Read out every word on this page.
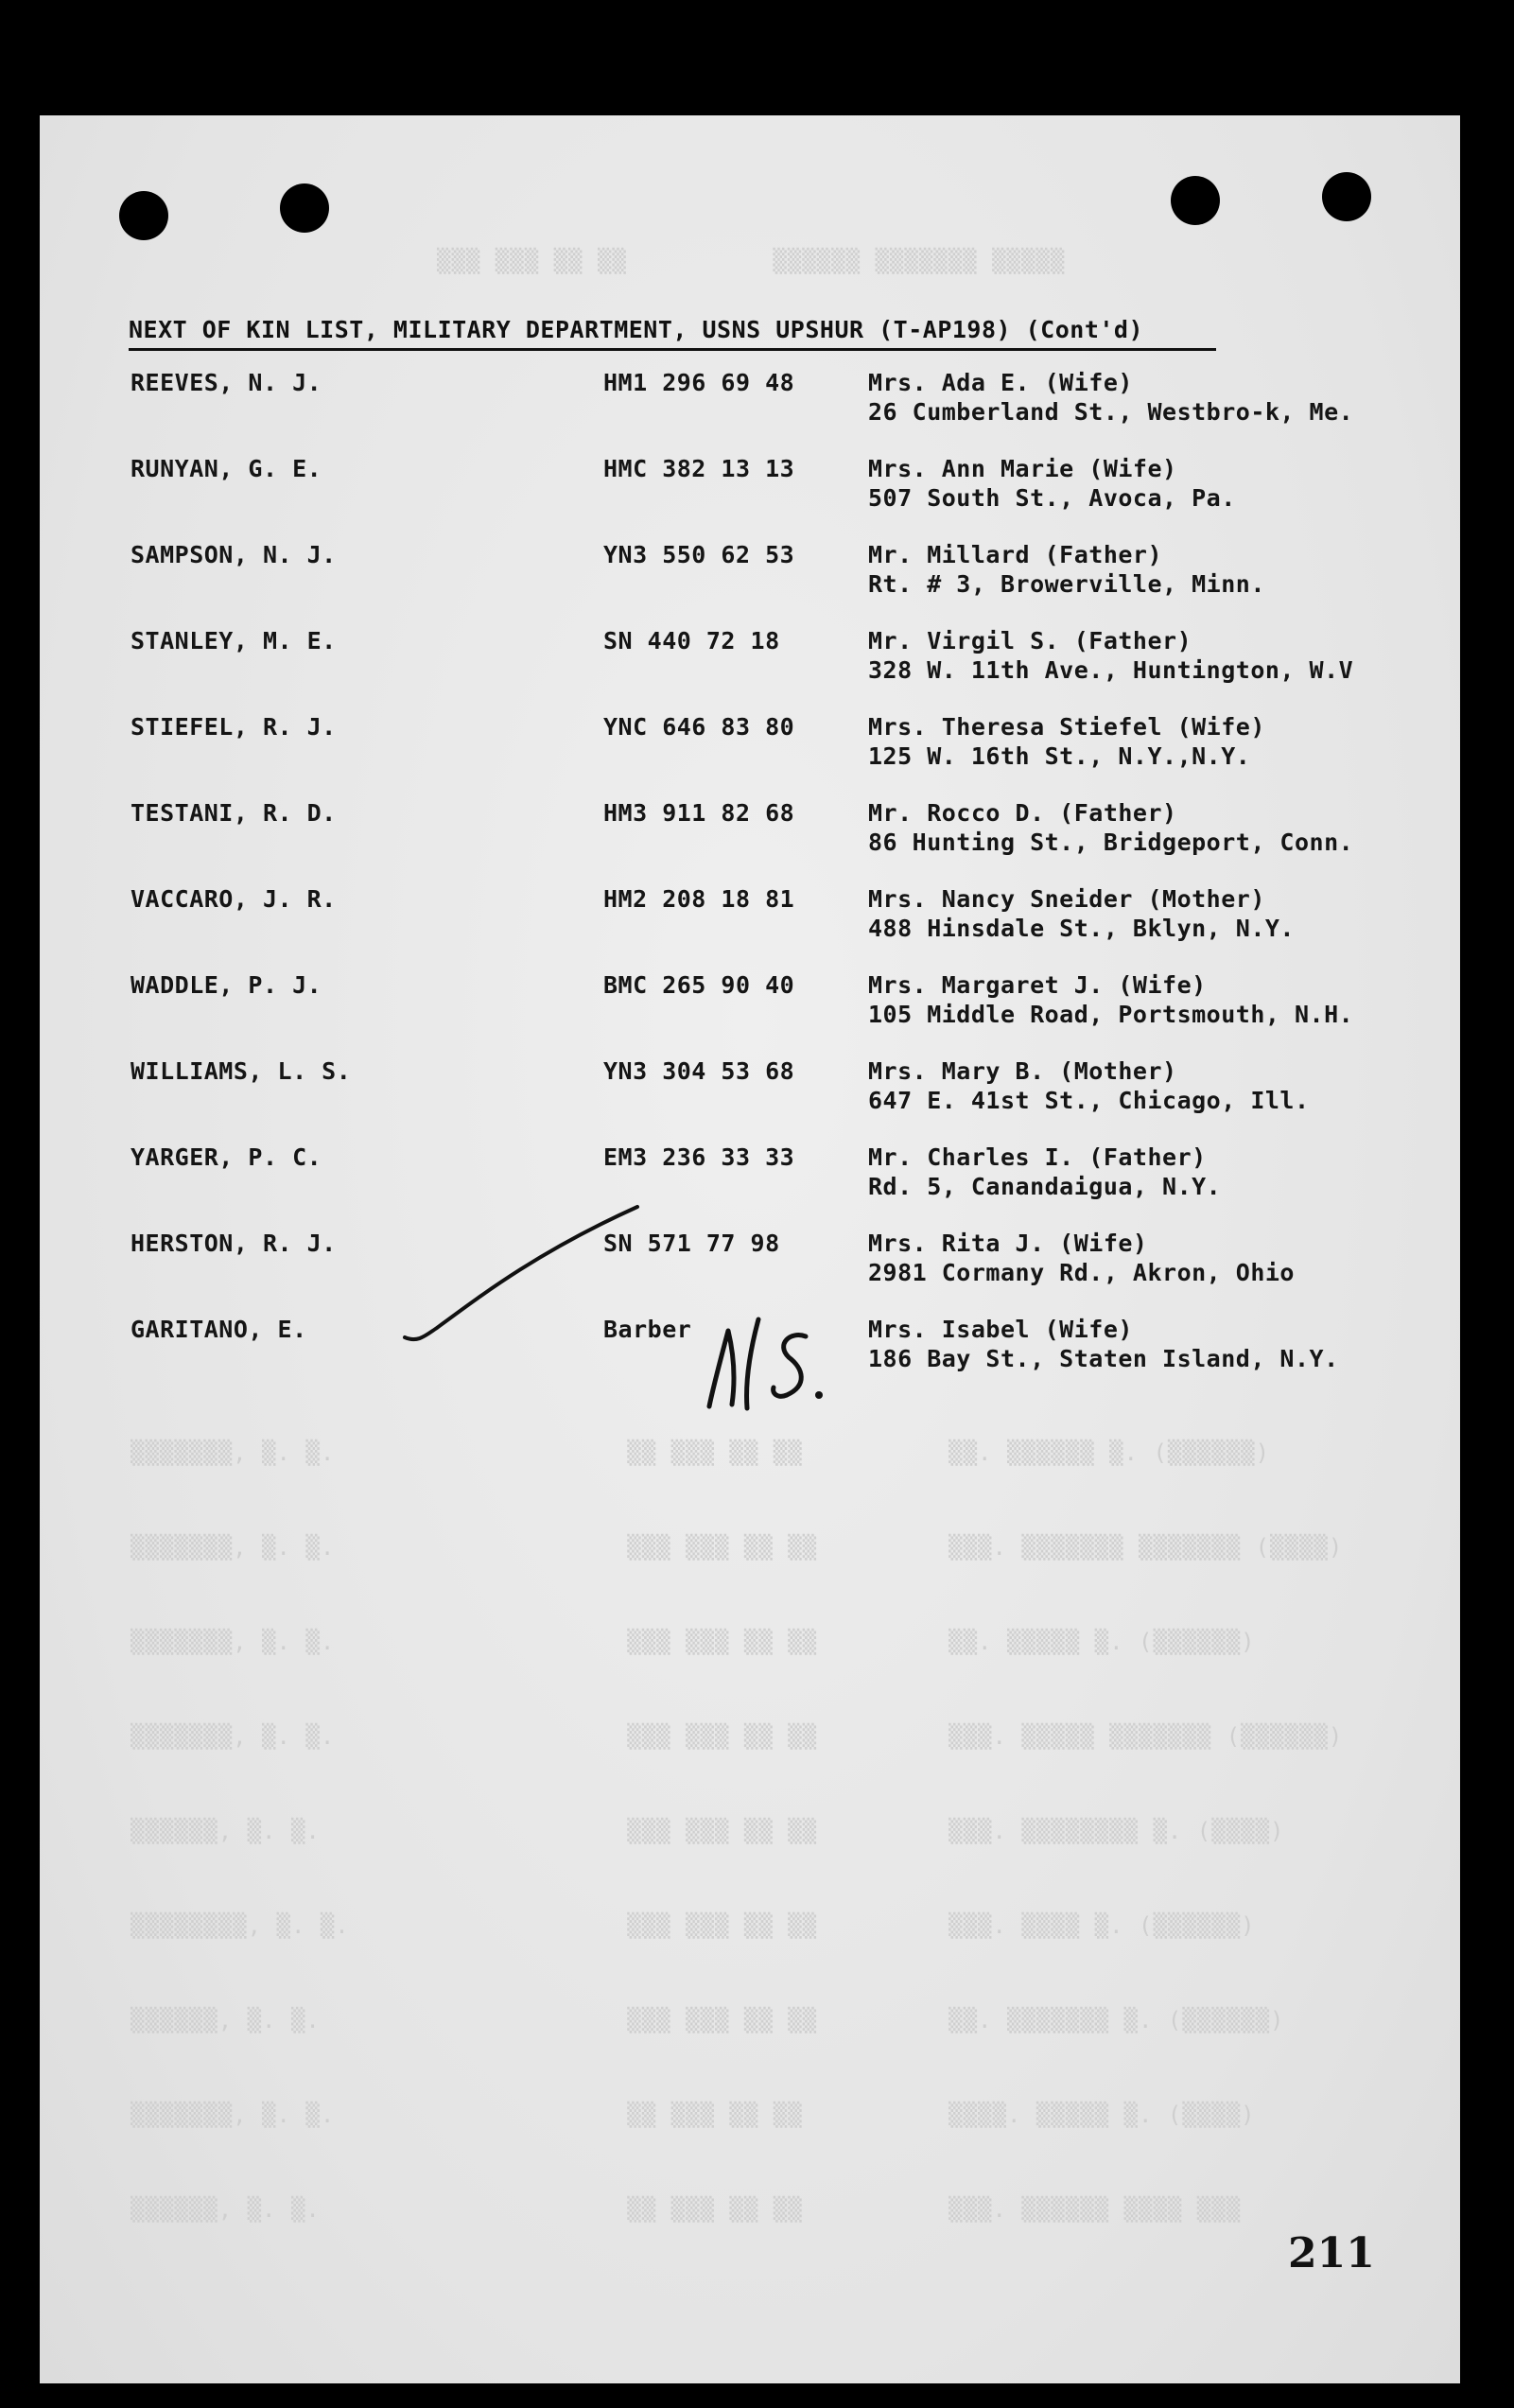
▒▒▒ ▒▒▒ ▒▒ ▒▒          ▒▒▒▒▒▒ ▒▒▒▒▒▒▒ ▒▒▒▒▒
▒▒▒▒▒▒▒, ▒. ▒.                    ▒▒ ▒▒▒ ▒▒ ▒▒          ▒▒. ▒▒▒▒▒▒ ▒. (▒▒▒▒▒▒)
▒▒▒▒▒▒▒, ▒. ▒.                    ▒▒▒ ▒▒▒ ▒▒ ▒▒         ▒▒▒. ▒▒▒▒▒▒▒ ▒▒▒▒▒▒▒ (▒▒▒▒)
▒▒▒▒▒▒▒, ▒. ▒.                    ▒▒▒ ▒▒▒ ▒▒ ▒▒         ▒▒. ▒▒▒▒▒ ▒. (▒▒▒▒▒▒)
▒▒▒▒▒▒▒, ▒. ▒.                    ▒▒▒ ▒▒▒ ▒▒ ▒▒         ▒▒▒. ▒▒▒▒▒ ▒▒▒▒▒▒▒ (▒▒▒▒▒▒)
▒▒▒▒▒▒, ▒. ▒.                     ▒▒▒ ▒▒▒ ▒▒ ▒▒         ▒▒▒. ▒▒▒▒▒▒▒▒ ▒. (▒▒▒▒)
▒▒▒▒▒▒▒▒, ▒. ▒.                   ▒▒▒ ▒▒▒ ▒▒ ▒▒         ▒▒▒. ▒▒▒▒ ▒. (▒▒▒▒▒▒)
▒▒▒▒▒▒, ▒. ▒.                     ▒▒▒ ▒▒▒ ▒▒ ▒▒         ▒▒. ▒▒▒▒▒▒▒ ▒. (▒▒▒▒▒▒)
▒▒▒▒▒▒▒, ▒. ▒.                    ▒▒ ▒▒▒ ▒▒ ▒▒          ▒▒▒▒. ▒▒▒▒▒ ▒. (▒▒▒▒)
▒▒▒▒▒▒, ▒. ▒.                     ▒▒ ▒▒▒ ▒▒ ▒▒          ▒▒▒. ▒▒▒▒▒▒ ▒▒▒▒ ▒▒▒
NEXT OF KIN LIST, MILITARY DEPARTMENT, USNS UPSHUR (T-AP198) (Cont'd)
REEVES, N. J.	HM1 296 69 48	Mrs. Ada E. (Wife)
26 Cumberland St., Westbro-k, Me.
RUNYAN, G. E.	HMC 382 13 13	Mrs. Ann Marie (Wife)
507 South St., Avoca, Pa.
SAMPSON, N. J.	YN3 550 62 53	Mr. Millard (Father)
Rt. # 3, Browerville, Minn.
STANLEY, M. E.	SN 440 72 18	Mr. Virgil S. (Father)
328 W. 11th Ave., Huntington, W.V
STIEFEL, R. J.	YNC 646 83 80	Mrs. Theresa Stiefel (Wife)
125 W. 16th St., N.Y.,N.Y.
TESTANI, R. D.	HM3 911 82 68	Mr. Rocco D. (Father)
86 Hunting St., Bridgeport, Conn.
VACCARO, J. R.	HM2 208 18 81	Mrs. Nancy Sneider (Mother)
488 Hinsdale St., Bklyn, N.Y.
WADDLE, P. J.	BMC 265 90 40	Mrs. Margaret J. (Wife)
105 Middle Road, Portsmouth, N.H.
WILLIAMS, L. S.	YN3 304 53 68	Mrs. Mary B. (Mother)
647 E. 41st St., Chicago, Ill.
YARGER, P. C.	EM3 236 33 33	Mr. Charles I. (Father)
Rd. 5, Canandaigua, N.Y.
HERSTON, R. J.	SN 571 77 98	Mrs. Rita J. (Wife)
2981 Cormany Rd., Akron, Ohio
GARITANO, E.	Barber	Mrs. Isabel (Wife)
186 Bay St., Staten Island, N.Y.
211
